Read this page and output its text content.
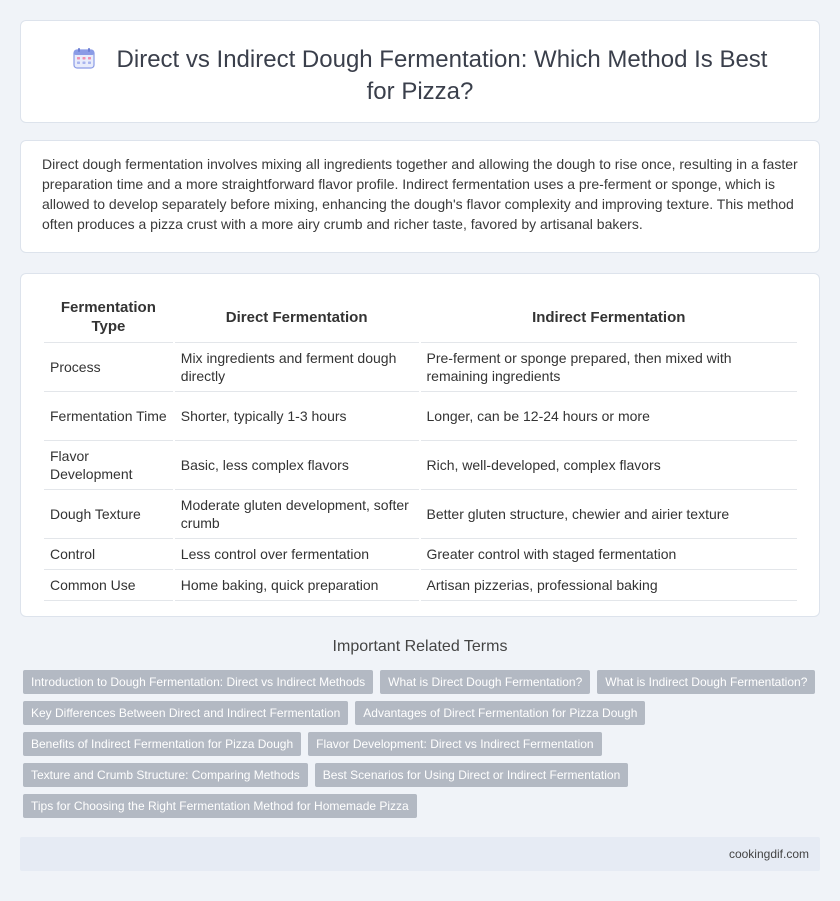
Direct vs Indirect Dough Fermentation: Which Method Is Best for Pizza?

Direct dough fermentation involves mixing all ingredients together and allowing the dough to rise once, resulting in a faster preparation time and a more straightforward flavor profile. Indirect fermentation uses a pre-ferment or sponge, which is allowed to develop separately before mixing, enhancing the dough's flavor complexity and improving texture. This method often produces a pizza crust with a more airy crumb and richer taste, favored by artisanal bakers.

Fermentation Type	Direct Fermentation	Indirect Fermentation
Process	Mix ingredients and ferment dough directly	Pre-ferment or sponge prepared, then mixed with remaining ingredients
Fermentation Time	Shorter, typically 1-3 hours	Longer, can be 12-24 hours or more
Flavor Development	Basic, less complex flavors	Rich, well-developed, complex flavors
Dough Texture	Moderate gluten development, softer crumb	Better gluten structure, chewier and airier texture
Control	Less control over fermentation	Greater control with staged fermentation
Common Use	Home baking, quick preparation	Artisan pizzerias, professional baking
Important Related Terms
Introduction to Dough Fermentation: Direct vs Indirect Methods	What is Direct Dough Fermentation?	What is Indirect Dough Fermentation?
Key Differences Between Direct and Indirect Fermentation	Advantages of Direct Fermentation for Pizza Dough
Benefits of Indirect Fermentation for Pizza Dough	Flavor Development: Direct vs Indirect Fermentation
Texture and Crumb Structure: Comparing Methods	Best Scenarios for Using Direct or Indirect Fermentation
Tips for Choosing the Right Fermentation Method for Homemade Pizza
cookingdif.com
